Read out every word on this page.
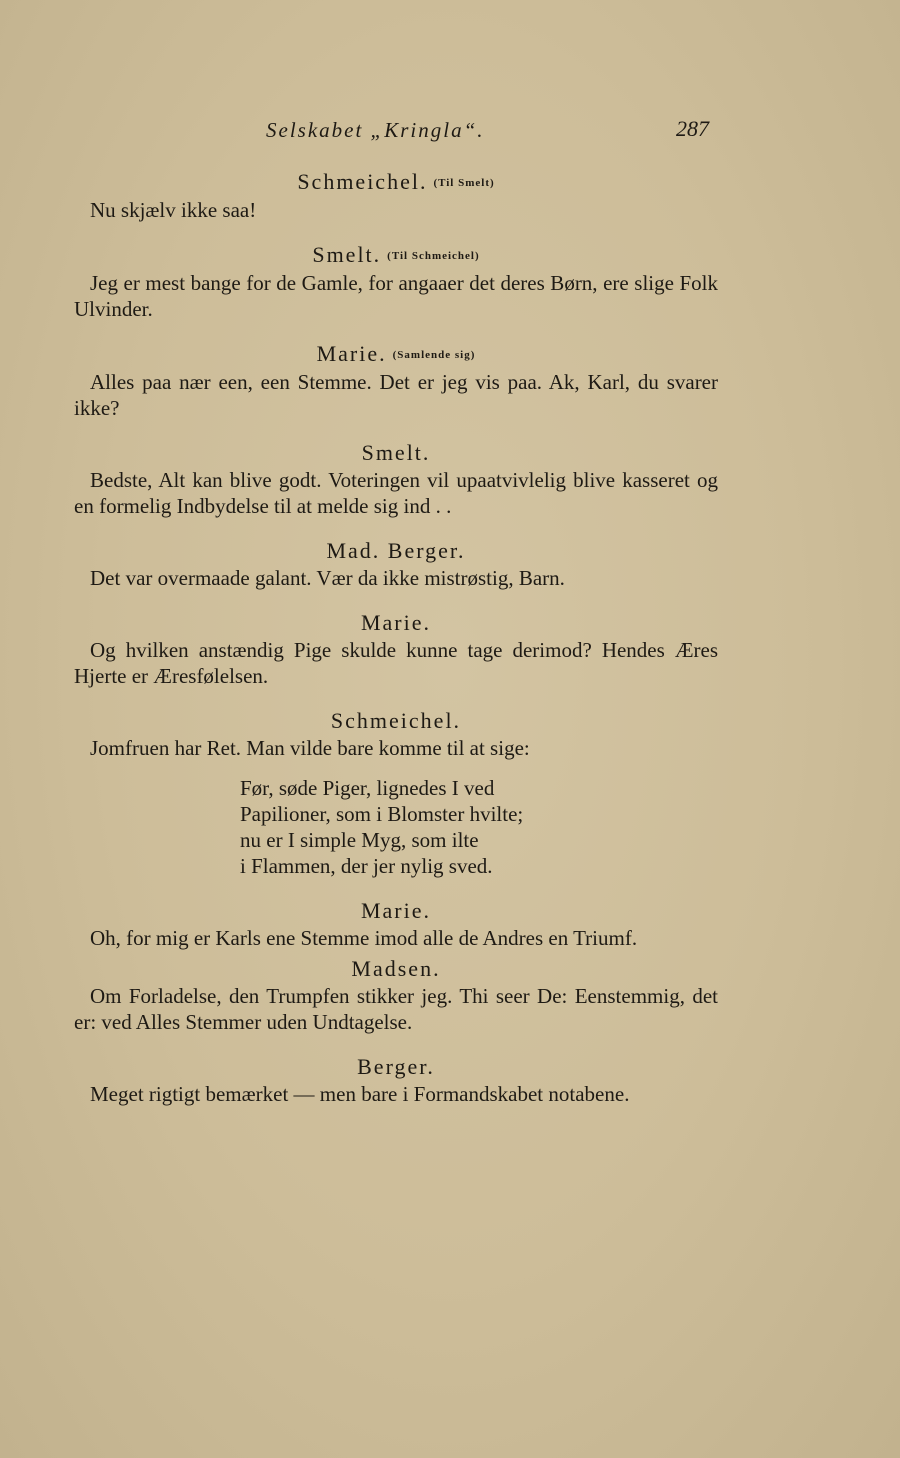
Selskabet „Kringla“.	287
Schmeichel. (Til Smelt)

Nu skjælv ikke saa!

Smelt. (Til Schmeichel)

Jeg er mest bange for de Gamle, for angaaer det deres Børn, ere slige Folk Ulvinder.

Marie. (Samlende sig)

Alles paa nær een, een Stemme. Det er jeg vis paa. Ak, Karl, du svarer ikke?

Smelt.

Bedste, Alt kan blive godt. Voteringen vil upaatvivlelig blive kasseret og en formelig Indbydelse til at melde sig ind . .

Mad. Berger.

Det var overmaade galant. Vær da ikke mistrøstig, Barn.

Marie.

Og hvilken anstændig Pige skulde kunne tage derimod? Hendes Æres Hjerte er Æresfølelsen.

Schmeichel.

Jomfruen har Ret. Man vilde bare komme til at sige:

Før, søde Piger, lignedes I ved
Papilioner, som i Blomster hvilte;
nu er I simple Myg, som ilte
i Flammen, der jer nylig sved.
Marie.

Oh, for mig er Karls ene Stemme imod alle de Andres en Triumf.

Madsen.

Om Forladelse, den Trumpfen stikker jeg. Thi seer De: Eenstemmig, det er: ved Alles Stemmer uden Undtagelse.

Berger.

Meget rigtigt bemærket — men bare i Formandskabet notabene.
